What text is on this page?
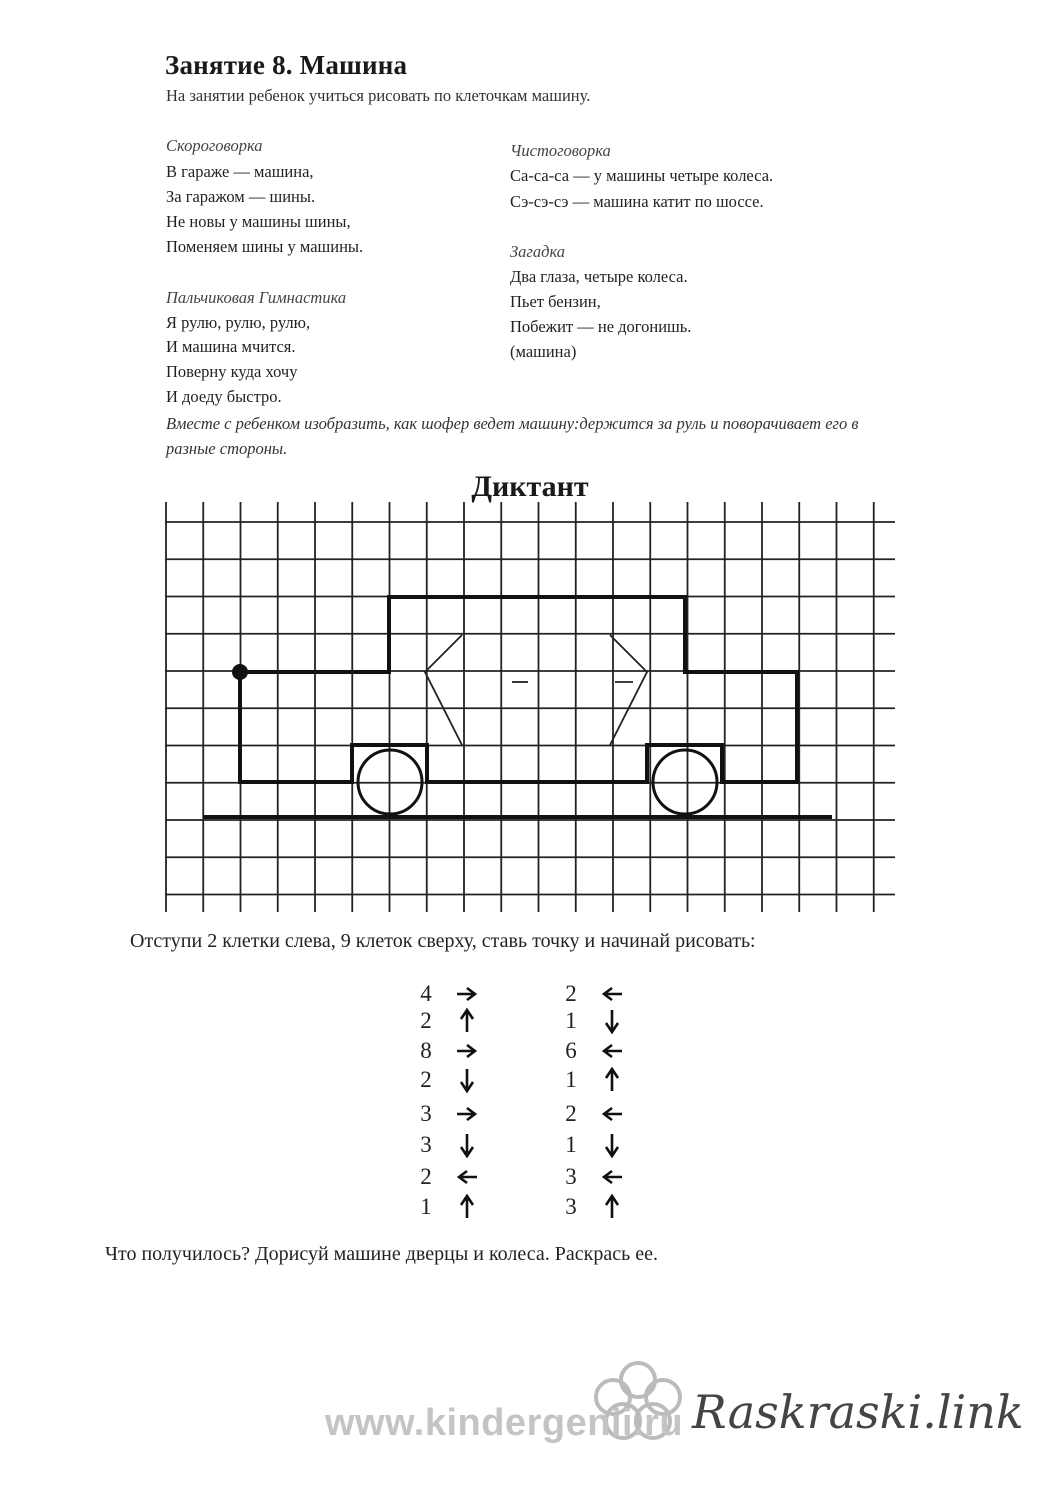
Занятие 8. Машина
На занятии ребенок учиться рисовать по клеточкам машину.
Скороговорка
В гараже — машина,
За гаражом — шины.
Не новы у машины шины,
Поменяем шины у машины.
Чистоговорка
Са-са-са — у машины четыре колеса.
Сэ-сэ-сэ — машина катит по шоссе.
Загадка
Два глаза, четыре колеса.
Пьет бензин,
Побежит — не догонишь.
(машина)
Пальчиковая Гимнастика
Я рулю, рулю, рулю,
И машина мчится.
Поверну куда хочу
И доеду быстро.
Вместе с ребенком изобразить, как шофер ведет машину:держится за руль и поворачивает его в разные стороны.
Диктант
Отступи 2 клетки слева, 9 клеток сверху, ставь точку и начинай рисовать:
4
2
8
2
3
3
2
1
2
1
6
1
2
1
3
3
Что получилось? Дорисуй машине дверцы и колеса. Раскрась ее.
www.kindergenii.ru Raskraski.link
